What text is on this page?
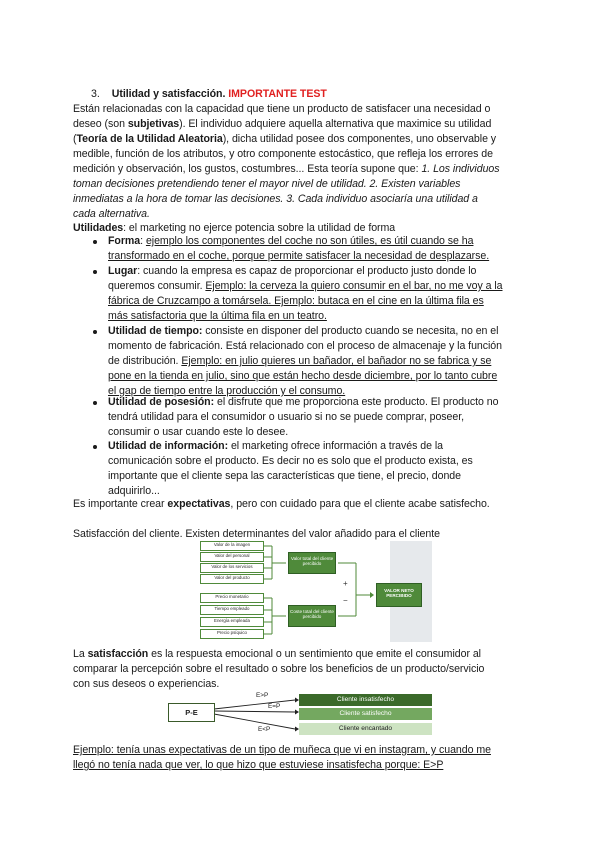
3. Utilidad y satisfacción. IMPORTANTE TEST
Están relacionadas con la capacidad que tiene un producto de satisfacer una necesidad o
deseo (son subjetivas). El individuo adquiere aquella alternativa que maximice su utilidad
(Teoría de la Utilidad Aleatoria), dicha utilidad posee dos componentes, uno observable y
medible, función de los atributos, y otro componente estocástico, que refleja los errores de
medición y observación, los gustos, costumbres... Esta teoría supone que: 1. Los individuos
toman decisiones pretendiendo tener el mayor nivel de utilidad. 2. Existen variables
inmediatas a la hora de tomar las decisiones. 3. Cada individuo asociaría una utilidad a
cada alternativa.
Utilidades: el marketing no ejerce potencia sobre la utilidad de forma
Forma: ejemplo los componentes del coche no son útiles, es útil cuando se ha
transformado en el coche, porque permite satisfacer la necesidad de desplazarse.
Lugar: cuando la empresa es capaz de proporcionar el producto justo donde lo
queremos consumir. Ejemplo: la cerveza la quiero consumir en el bar, no me voy a la
fábrica de Cruzcampo a tomársela. Ejemplo: butaca en el cine en la última fila es
más satisfactoria que la última fila en un teatro.
Utilidad de tiempo: consiste en disponer del producto cuando se necesita, no en el
momento de fabricación. Está relacionado con el proceso de almacenaje y la función
de distribución. Ejemplo: en julio quieres un bañador, el bañador no se fabrica y se
pone en la tienda en julio, sino que están hecho desde diciembre, por lo tanto cubre
el gap de tiempo entre la producción y el consumo.
Utilidad de posesión: el disfrute que me proporciona este producto. El producto no
tendrá utilidad para el consumidor o usuario si no se puede comprar, poseer,
consumir o usar cuando este lo desee.
Utilidad de información: el marketing ofrece información a través de la
comunicación sobre el producto. Es decir no es solo que el producto exista, es
importante que el cliente sepa las características que tiene, el precio, donde
adquirirlo...
Es importante crear expectativas, pero con cuidado para que el cliente acabe satisfecho.
Satisfacción del cliente. Existen determinantes del valor añadido para el cliente
Valor de la imagen
Valor del personal
Valor de los servicios
Valor del producto
Precio monetario
Tiempo empleado
Energía empleada
Precio psíquico
Valor total del cliente percibido
Coste total del cliente percibido
+
−
VALOR NETO PERCIBIDO
La satisfacción es la respuesta emocional o un sentimiento que emite el consumidor al
comparar la percepción sobre el resultado o sobre los beneficios de un producto/servicio
con sus deseos o experiencias.
P-E
E>P
E=P
E<P
Cliente insatisfecho
Cliente satisfecho
Cliente encantado
Ejemplo: tenía unas expectativas de un tipo de muñeca que vi en instagram, y cuando me
llegó no tenía nada que ver, lo que hizo que estuviese insatisfecha porque: E>P
